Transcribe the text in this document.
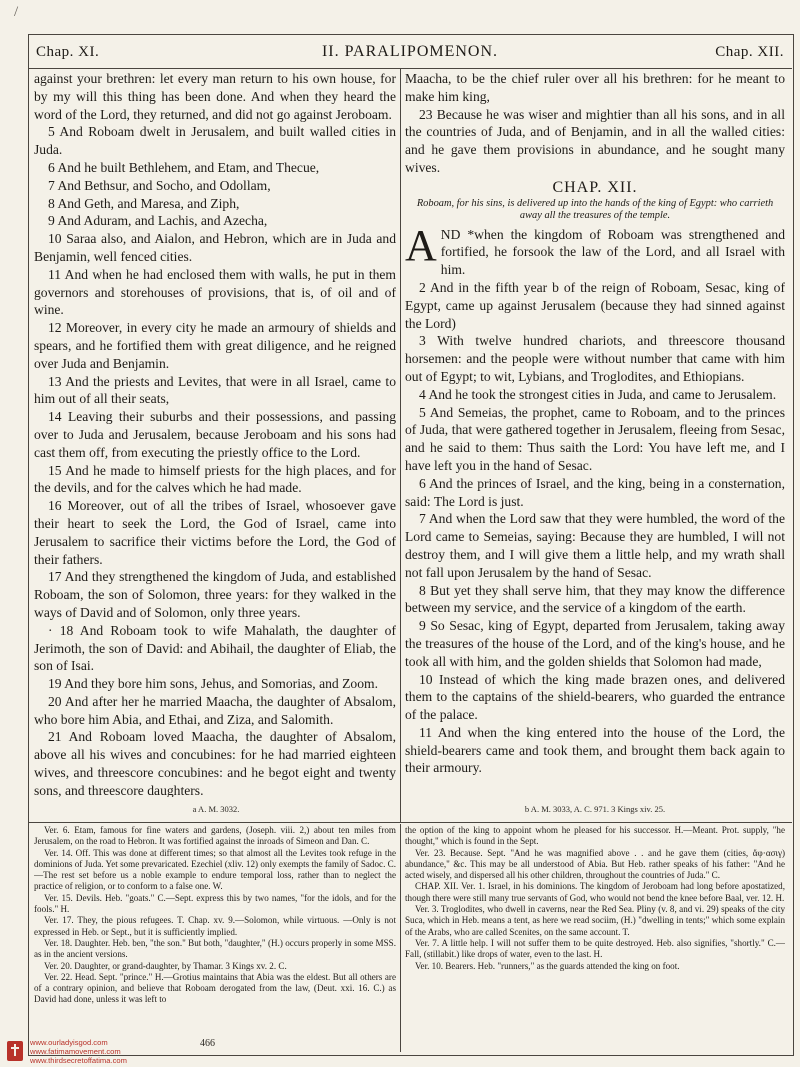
/
Chap. XI.	II. PARALIPOMENON.	Chap. XII.

against your brethren: let every man return to his own house, for by my will this thing has been done. And when they heard the word of the Lord, they returned, and did not go against Jeroboam.

5 And Roboam dwelt in Jerusalem, and built walled cities in Juda.

6 And he built Bethlehem, and Etam, and Thecue,

7 And Bethsur, and Socho, and Odollam,

8 And Geth, and Maresa, and Ziph,

9 And Aduram, and Lachis, and Azecha,

10 Saraa also, and Aialon, and Hebron, which are in Juda and Benjamin, well fenced cities.

11 And when he had enclosed them with walls, he put in them governors and storehouses of provisions, that is, of oil and of wine.

12 Moreover, in every city he made an armoury of shields and spears, and he fortified them with great diligence, and he reigned over Juda and Benjamin.

13 And the priests and Levites, that were in all Israel, came to him out of all their seats,

14 Leaving their suburbs and their possessions, and passing over to Juda and Jerusalem, because Jeroboam and his sons had cast them off, from executing the priestly office to the Lord.

15 And he made to himself priests for the high places, and for the devils, and for the calves which he had made.

16 Moreover, out of all the tribes of Israel, whosoever gave their heart to seek the Lord, the God of Israel, came into Jerusalem to sacrifice their victims before the Lord, the God of their fathers.

17 And they strengthened the kingdom of Juda, and established Roboam, the son of Solomon, three years: for they walked in the ways of David and of Solomon, only three years.

· 18 And Roboam took to wife Mahalath, the daughter of Jerimoth, the son of David: and Abihail, the daughter of Eliab, the son of Isai.

19 And they bore him sons, Jehus, and Somorias, and Zoom.

20 And after her he married Maacha, the daughter of Absalom, who bore him Abia, and Ethai, and Ziza, and Salomith.

21 And Roboam loved Maacha, the daughter of Absalom, above all his wives and concubines: for he had married eighteen wives, and threescore concubines: and he begot eight and twenty sons, and threescore daughters.

Maacha, to be the chief ruler over all his brethren: for he meant to make him king,

23 Because he was wiser and mightier than all his sons, and in all the countries of Juda, and of Benjamin, and in all the walled cities: and he gave them provisions in abundance, and he sought many wives.

CHAP. XII.

Roboam, for his sins, is delivered up into the hands of the king of Egypt: who carrieth away all the treasures of the temple.

AND *when the kingdom of Roboam was strengthened and fortified, he forsook the law of the Lord, and all Israel with him.

2 And in the fifth year b of the reign of Roboam, Sesac, king of Egypt, came up against Jerusalem (because they had sinned against the Lord)

3 With twelve hundred chariots, and threescore thousand horsemen: and the people were without number that came with him out of Egypt; to wit, Lybians, and Troglodites, and Ethiopians.

4 And he took the strongest cities in Juda, and came to Jerusalem.

5 And Semeias, the prophet, came to Roboam, and to the princes of Juda, that were gathered together in Jerusalem, fleeing from Sesac, and he said to them: Thus saith the Lord: You have left me, and I have left you in the hand of Sesac.

6 And the princes of Israel, and the king, being in a consternation, said: The Lord is just.

7 And when the Lord saw that they were humbled, the word of the Lord came to Semeias, saying: Because they are humbled, I will not destroy them, and I will give them a little help, and my wrath shall not fall upon Jerusalem by the hand of Sesac.

8 But yet they shall serve him, that they may know the difference between my service, and the service of a kingdom of the earth.

9 So Sesac, king of Egypt, departed from Jerusalem, taking away the treasures of the house of the Lord, and of the king's house, and he took all with him, and the golden shields that Solomon had made,

10 Instead of which the king made brazen ones, and delivered them to the captains of the shield-bearers, who guarded the entrance of the palace.

11 And when the king entered into the house of the Lord, the shield-bearers came and took them, and brought them back again to their armoury.

a A. M. 3032.	b A. M. 3033, A. C. 971. 3 Kings xiv. 25.

Ver. 6. Etam, famous for fine waters and gardens, (Joseph. viii. 2,) about ten miles from Jerusalem, on the road to Hebron. It was fortified against the inroads of Simeon and Dan. C.

Ver. 14. Off. This was done at different times; so that almost all the Levites took refuge in the dominions of Juda. Yet some prevaricated. Ezechiel (xliv. 12) only exempts the family of Sadoc. C.—The rest set before us a noble example to endure temporal loss, rather than to neglect the practice of religion, or to conform to a false one. W.

Ver. 15. Devils. Heb. "goats." C.—Sept. express this by two names, "for the idols, and for the fools." H.

Ver. 17. They, the pious refugees. T. Chap. xv. 9.—Solomon, while virtuous. —Only is not expressed in Heb. or Sept., but it is sufficiently implied.

Ver. 18. Daughter. Heb. ben, "the son." But both, "daughter," (H.) occurs properly in some MSS. as in the ancient versions.

Ver. 20. Daughter, or grand-daughter, by Thamar. 3 Kings xv. 2. C.

Ver. 22. Head. Sept. "prince." H.—Grotius maintains that Abia was the eldest. But all others are of a contrary opinion, and believe that Roboam derogated from the law, (Deut. xxi. 16. C.) as David had done, unless it was left to

the option of the king to appoint whom he pleased for his successor. H.—Meant. Prot. supply, "he thought," which is found in the Sept.

Ver. 23. Because. Sept. "And he was magnified above . . and he gave them (cities, ἄφ·ασιγ) abundance," &c. This may be all understood of Abia. But Heb. rather speaks of his father: "And he acted wisely, and dispersed all his other children, throughout the countries of Juda." C.

CHAP. XII. Ver. 1. Israel, in his dominions. The kingdom of Jeroboam had long before apostatized, though there were still many true servants of God, who would not bend the knee before Baal, ver. 12. H.

Ver. 3. Troglodites, who dwell in caverns, near the Red Sea. Pliny (v. 8, and vi. 29) speaks of the city Suca, which in Heb. means a tent, as here we read sociim, (H.) "dwelling in tents;" which some explain of the Arabs, who are called Scenites, on the same account. T.

Ver. 7. A little help. I will not suffer them to be quite destroyed. Heb. also signifies, "shortly." C.—Fall, (stillabit.) like drops of water, even to the last. H.

Ver. 10. Bearers. Heb. "runners," as the guards attended the king on foot.

466
www.ourladyisgod.com
www.fatimamovement.com
www.thirdsecretoffatima.com
